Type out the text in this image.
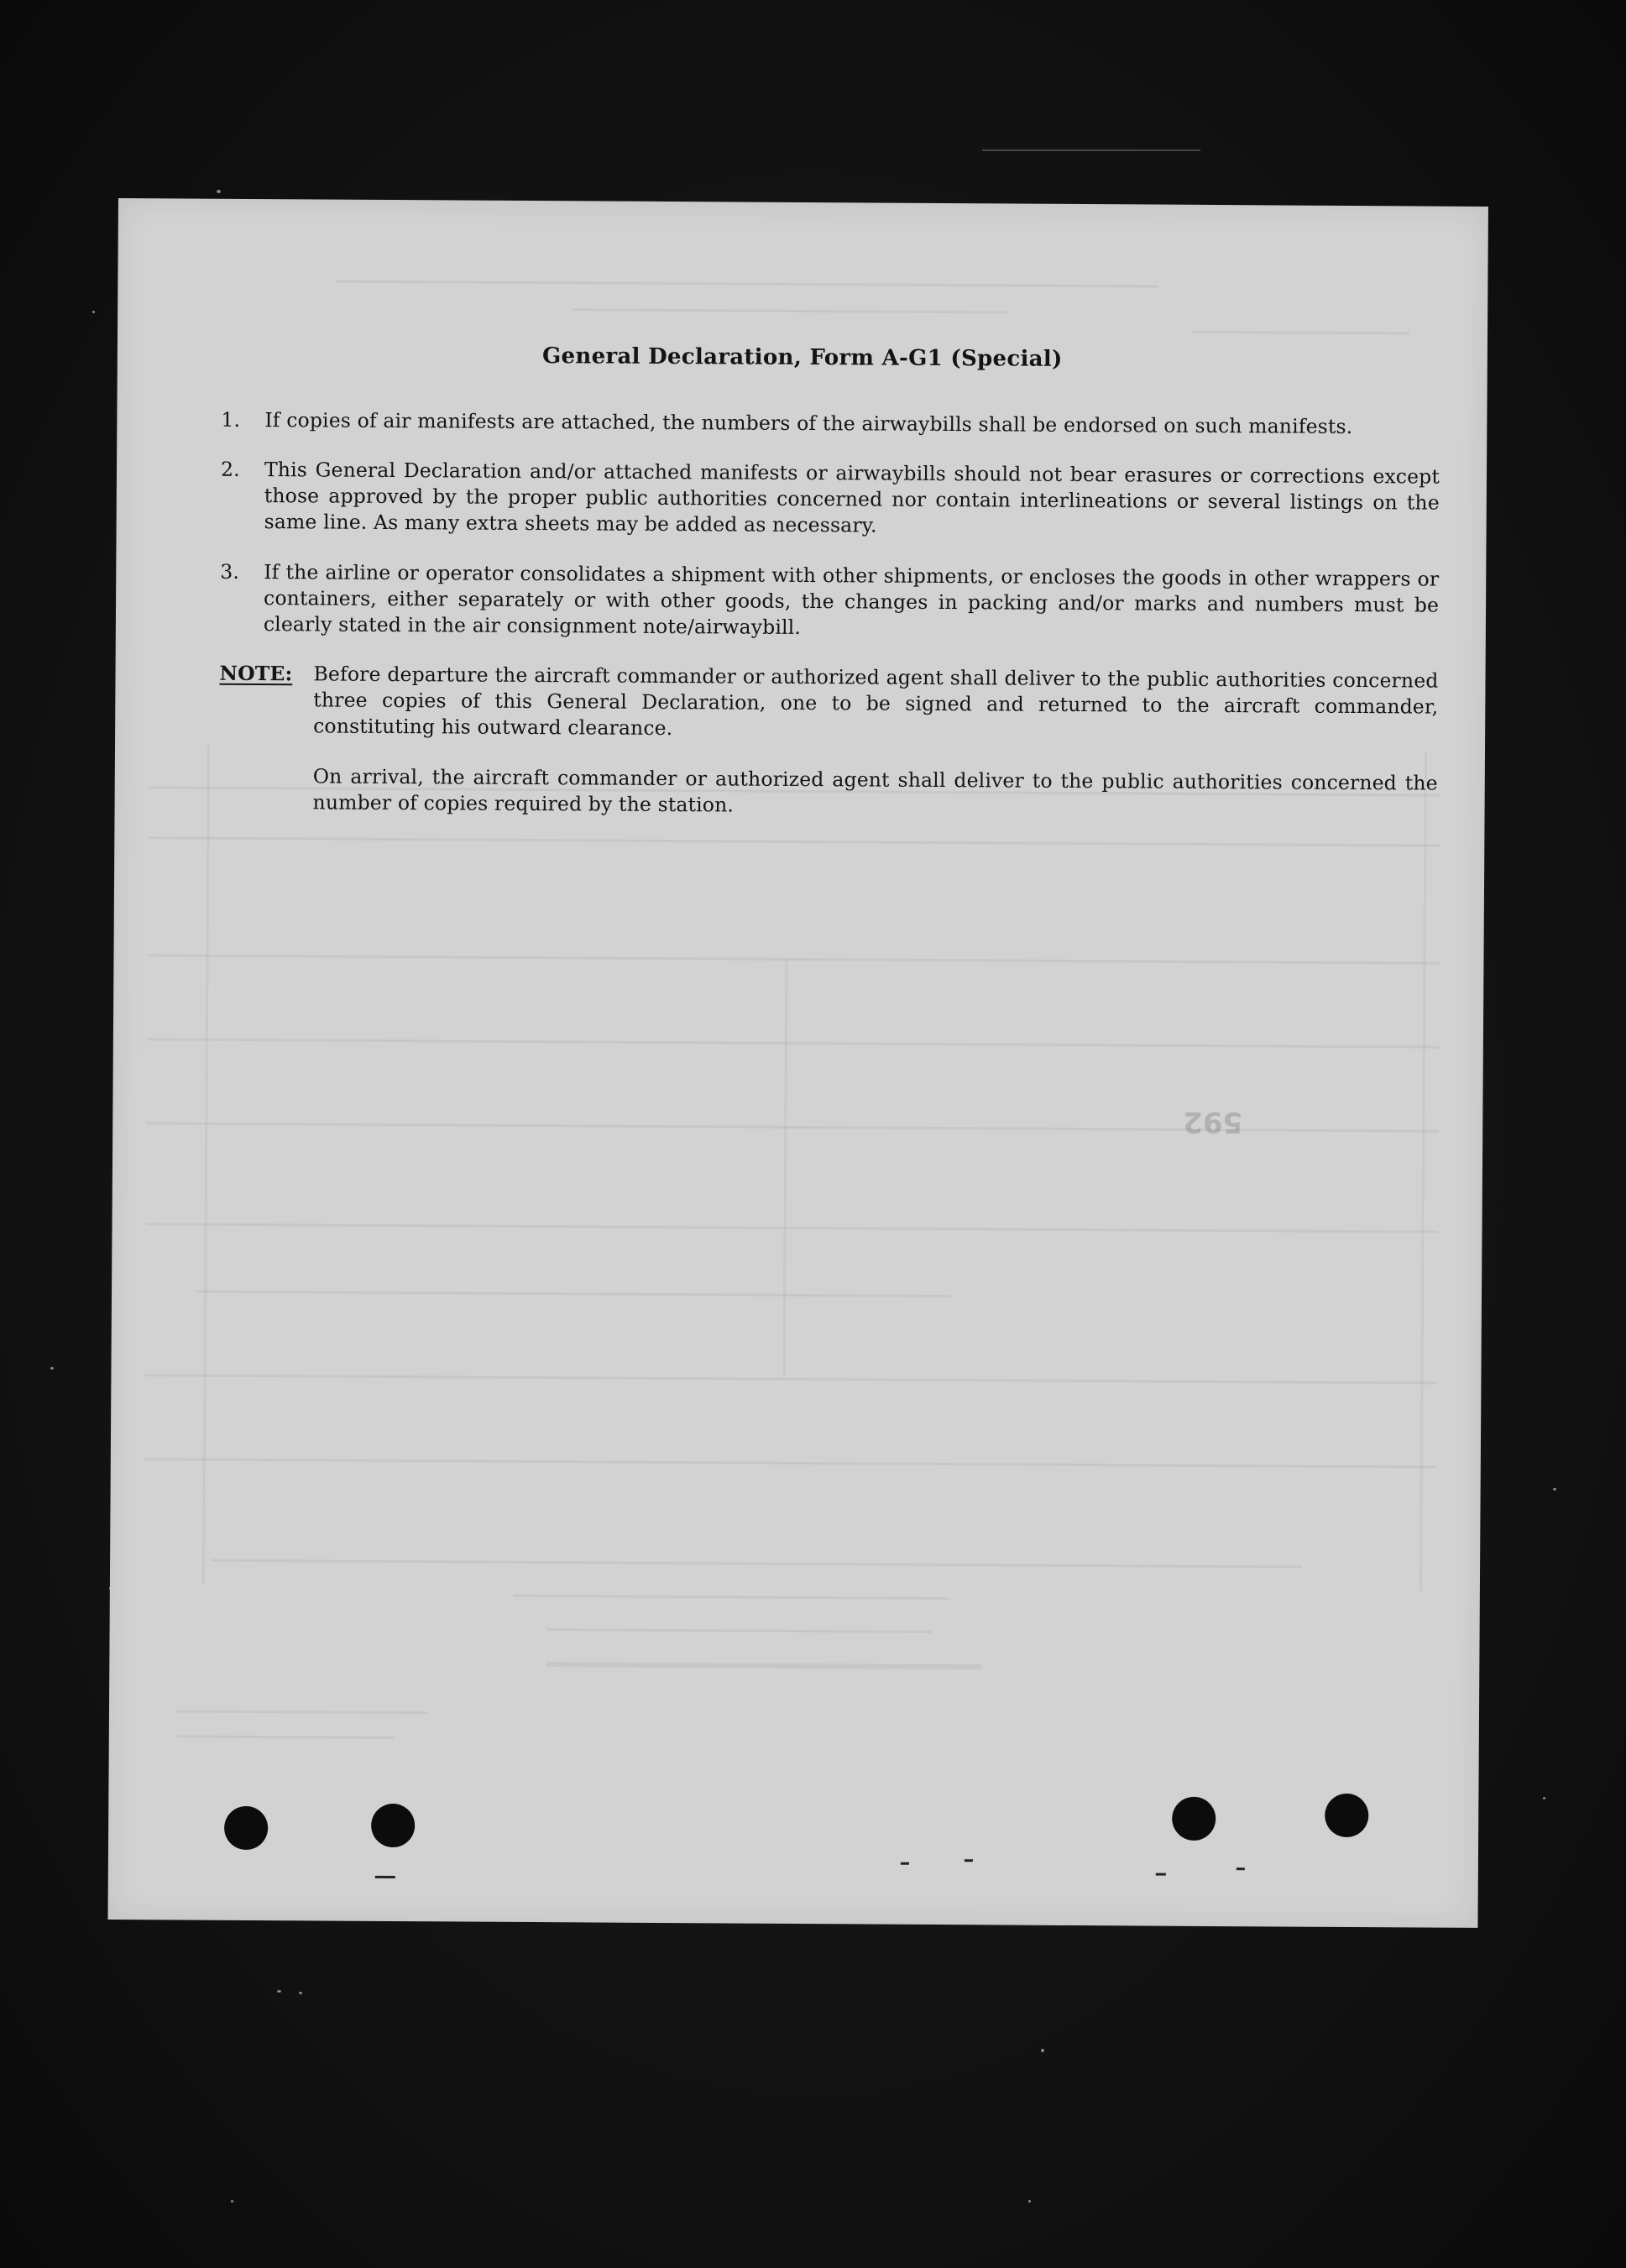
592
General Declaration, Form A-G1 (Special)
1.	If copies of air manifests are attached, the numbers of the airwaybills shall be endorsed on such manifests.
2.	This General Declaration and/or attached manifests or airwaybills should not bear erasures or corrections except those approved by the proper public authorities concerned nor contain interlineations or several listings on the same line. As many extra sheets may be added as necessary.
3.	If the airline or operator consolidates a shipment with other shipments, or encloses the goods in other wrappers or containers, either separately or with other goods, the changes in packing and/or marks and numbers must be clearly stated in the air consignment note/airwaybill.
NOTE: Before departure the aircraft commander or authorized agent shall deliver to the public authorities concerned three copies of this General Declaration, one to be signed and returned to the aircraft commander, constituting his outward clearance.
On arrival, the aircraft commander or authorized agent shall deliver to the public authorities concerned the number of copies required by the station.
